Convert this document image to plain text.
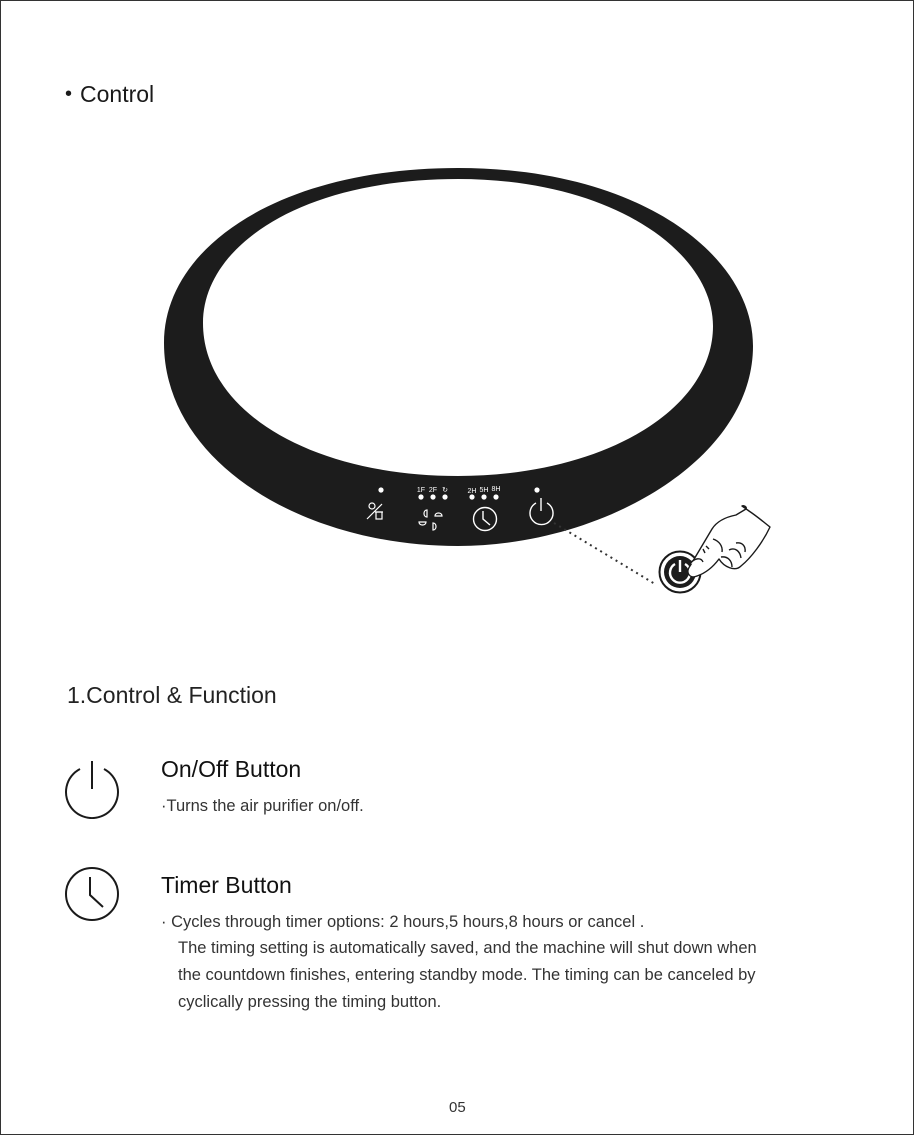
• Control
1F 2F ↻	2H 5H 8H
1.Control & Function
On/Off Button
·Turns the air purifier on/off.
Timer Button
· Cycles through timer options: 2 hours,5 hours,8 hours or cancel .
The timing setting is automatically saved, and the machine will shut down when
the countdown finishes, entering standby mode. The timing can be canceled by
cyclically pressing the timing button.
05
